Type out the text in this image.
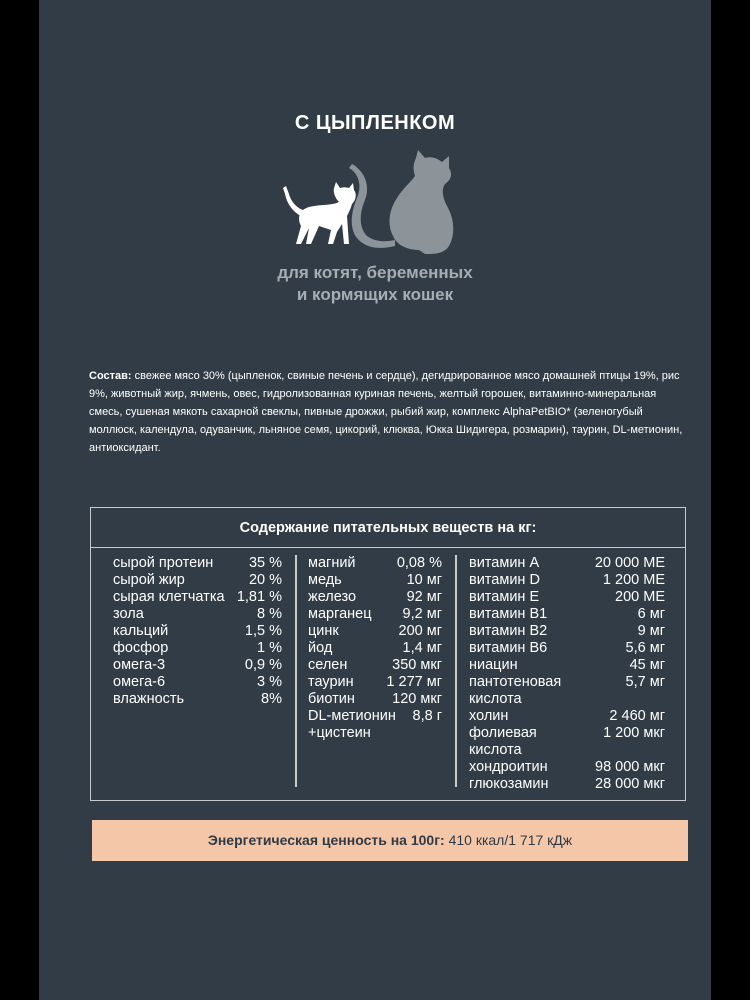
С ЦЫПЛЕНКОМ
для котят, беременных
и кормящих кошек
Состав: свежее мясо 30% (цыпленок, свиные печень и сердце), дегидрированное мясо домашней птицы 19%, рис 9%, животный жир, ячмень, овес, гидролизованная куриная печень, желтый горошек, витаминно-минеральная смесь, сушеная мякоть сахарной свеклы, пивные дрожжи, рыбий жир, комплекс AlphaPetBIO* (зеленогубый моллюск, календула, одуванчик, льняное семя, цикорий, клюква, Юкка Шидигера, розмарин), таурин, DL-метионин, антиоксидант.
Содержание питательных веществ на кг:
сырой протеин 35 %
сырой жир	20 %
сырая клетчатка 1,81 %
зола	8 %
кальций	1,5 %
фосфор	1 %
омега-3	0,9 %
омега-6	3 %
влажность	8%
магний	0,08 %
медь	10 мг
железо	92 мг
марганец 9,2 мг
цинк	200 мг
йод	1,4 мг
селен	350 мкг
таурин 1 277 мг
биотин	120 мкг
DL-метионин 8,8 г
+цистеин
витамин А	20 000 МЕ
витамин D	1 200 МЕ
витамин Е	200 МЕ
витамин В1	6 мг
витамин В2	9 мг
витамин В6	5,6 мг
ниацин	45 мг
пантотеновая	5,7 мг
кислота
холин	2 460 мг
фолиевая	1 200 мкг
кислота
хондроитин	98 000 мкг
глюкозамин	28 000 мкг
Энергетическая ценность на 100г: 410 ккал/1 717 кДж
